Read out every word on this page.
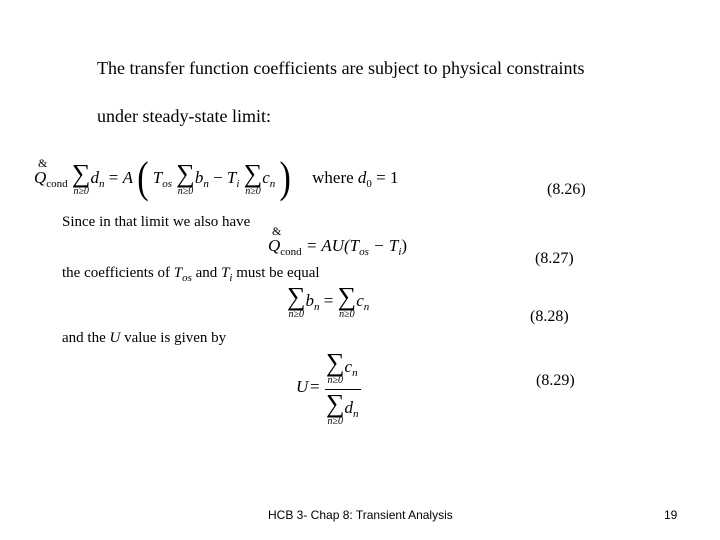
The transfer function coefficients are subject to physical constraints
under steady-state limit:
Q $\&_{cond}$ ∑
n≥0
$d_n = A$ ( $T_{os}$ ∑
n≥0
$b_n - T_i$ ∑
n≥0
$c_n$ ) where $d_0 = 1$
(8.26)
Since in that limit we also have
Q $\&_{cond} = AU(T_{os} - T_i)$
(8.27)
the coefficients of $T_{os}$ and $T_i$ must be equal
∑
n≥0
$b_n$ = ∑
n≥0
$c_n$
(8.28)
and the U value is given by
U =
∑
n≥0
$c_n$
∑
n≥0
$d_n$
(8.29)
HCB 3- Chap 8: Transient Analysis	19
